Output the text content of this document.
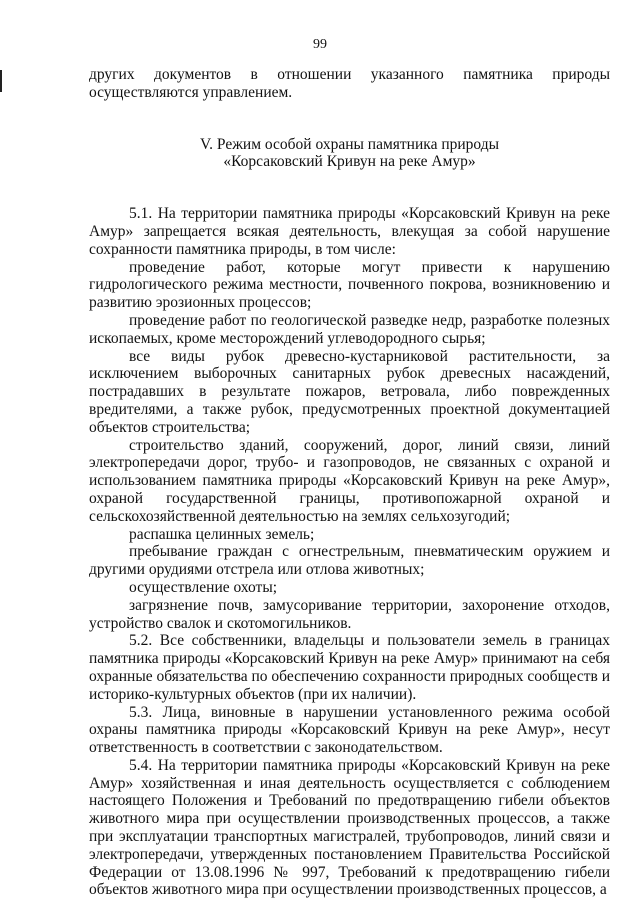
99

других документов в отношении указанного памятника природы осуществляются управлением.

V. Режим особой охраны памятника природы
«Корсаковский Кривун на реке Амур»

5.1. На территории памятника природы «Корсаковский Кривун на реке Амур» запрещается всякая деятельность, влекущая за собой нарушение сохранности памятника природы, в том числе:

проведение работ, которые могут привести к нарушению гидрологического режима местности, почвенного покрова, возникновению и развитию эрозионных процессов;

проведение работ по геологической разведке недр, разработке полезных ископаемых, кроме месторождений углеводородного сырья;

все виды рубок древесно-кустарниковой растительности, за исключением выборочных санитарных рубок древесных насаждений, пострадавших в результате пожаров, ветровала, либо поврежденных вредителями, а также рубок, предусмотренных проектной документацией объектов строительства;

строительство зданий, сооружений, дорог, линий связи, линий электропередачи дорог, трубо- и газопроводов, не связанных с охраной и использованием памятника природы «Корсаковский Кривун на реке Амур», охраной государственной границы, противопожарной охраной и сельскохозяйственной деятельностью на землях сельхозугодий;

распашка целинных земель;

пребывание граждан с огнестрельным, пневматическим оружием и другими орудиями отстрела или отлова животных;

осуществление охоты;

загрязнение почв, замусоривание территории, захоронение отходов, устройство свалок и скотомогильников.

5.2. Все собственники, владельцы и пользователи земель в границах памятника природы «Корсаковский Кривун на реке Амур» принимают на себя охранные обязательства по обеспечению сохранности природных сообществ и историко-культурных объектов (при их наличии).

5.3. Лица, виновные в нарушении установленного режима особой охраны памятника природы «Корсаковский Кривун на реке Амур», несут ответственность в соответствии с законодательством.

5.4. На территории памятника природы «Корсаковский Кривун на реке Амур» хозяйственная и иная деятельность осуществляется с соблюдением настоящего Положения и Требований по предотвращению гибели объектов животного мира при осуществлении производственных процессов, а также при эксплуатации транспортных магистралей, трубопроводов, линий связи и электропередачи, утвержденных постановлением Правительства Российской Федерации от 13.08.1996 № 997, Требований к предотвращению гибели объектов животного мира при осуществлении производственных процессов, а
